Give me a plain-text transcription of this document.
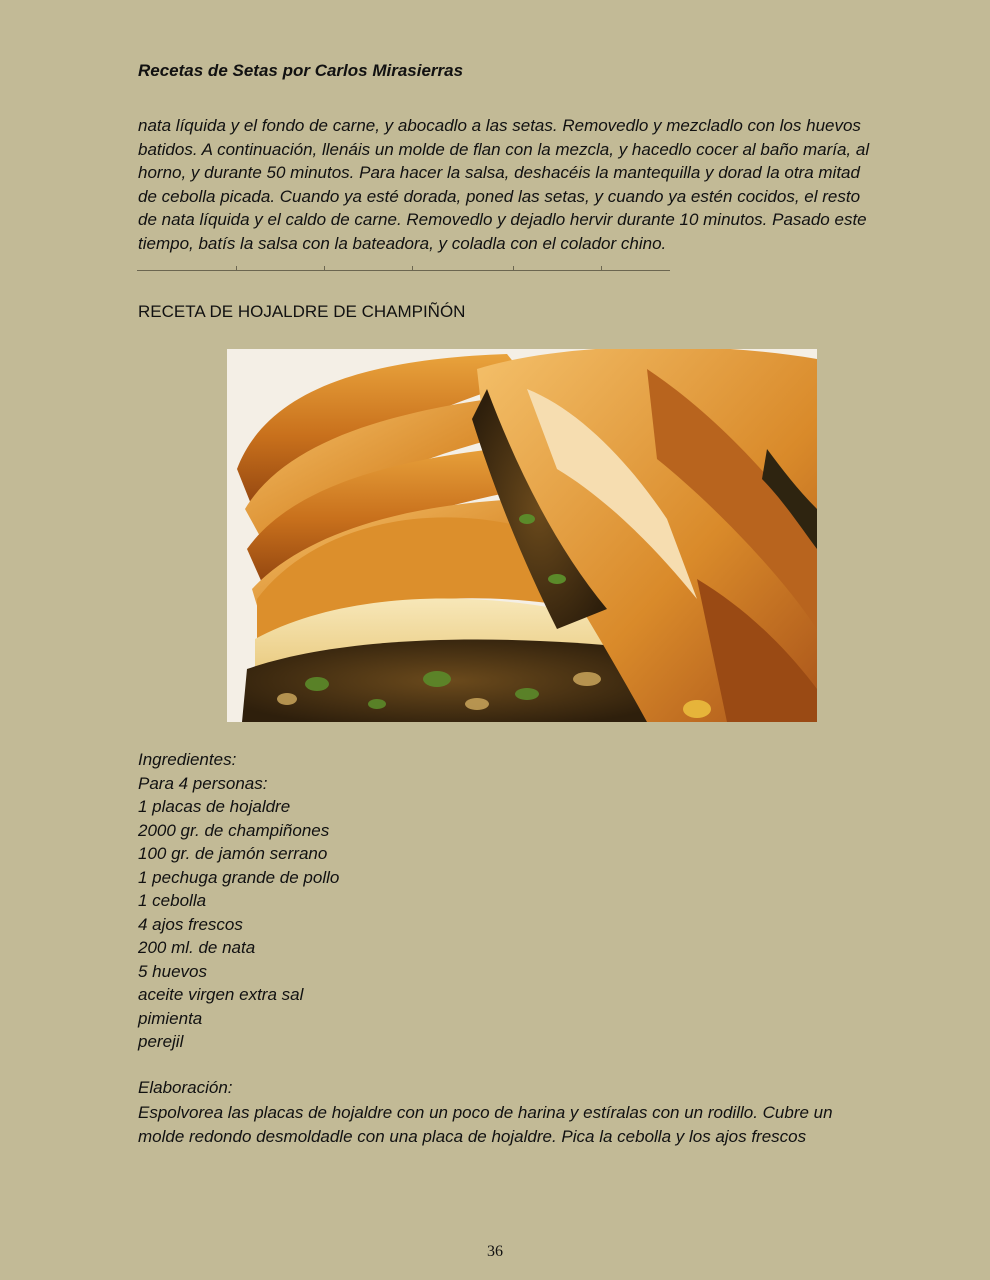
Recetas de Setas por Carlos Mirasierras
nata líquida y el fondo de carne, y abocadlo a las setas. Removedlo y mezcladlo con los huevos
batidos. A continuación, llenáis un molde de flan con la mezcla, y hacedlo cocer al baño maría, al
horno, y durante 50 minutos. Para hacer la salsa, deshacéis la mantequilla y dorad la otra mitad
de cebolla picada. Cuando ya esté dorada, poned las setas, y cuando ya estén cocidos, el resto
de nata líquida y el caldo de carne. Removedlo y dejadlo hervir durante 10 minutos. Pasado este
tiempo, batís la salsa con la bateadora, y coladla con el colador chino.
RECETA DE HOJALDRE DE CHAMPIÑÓN
Ingredientes:
Para 4 personas:
1 placas de hojaldre
2000 gr. de champiñones
100 gr. de jamón serrano
1 pechuga grande de pollo
1 cebolla
4 ajos frescos
200 ml. de nata
5 huevos
aceite virgen extra sal
pimienta
perejil
Elaboración:
Espolvorea las placas de hojaldre con un poco de harina y estíralas con un rodillo. Cubre un
molde redondo desmoldadle con una placa de hojaldre. Pica la cebolla y los ajos frescos
36
